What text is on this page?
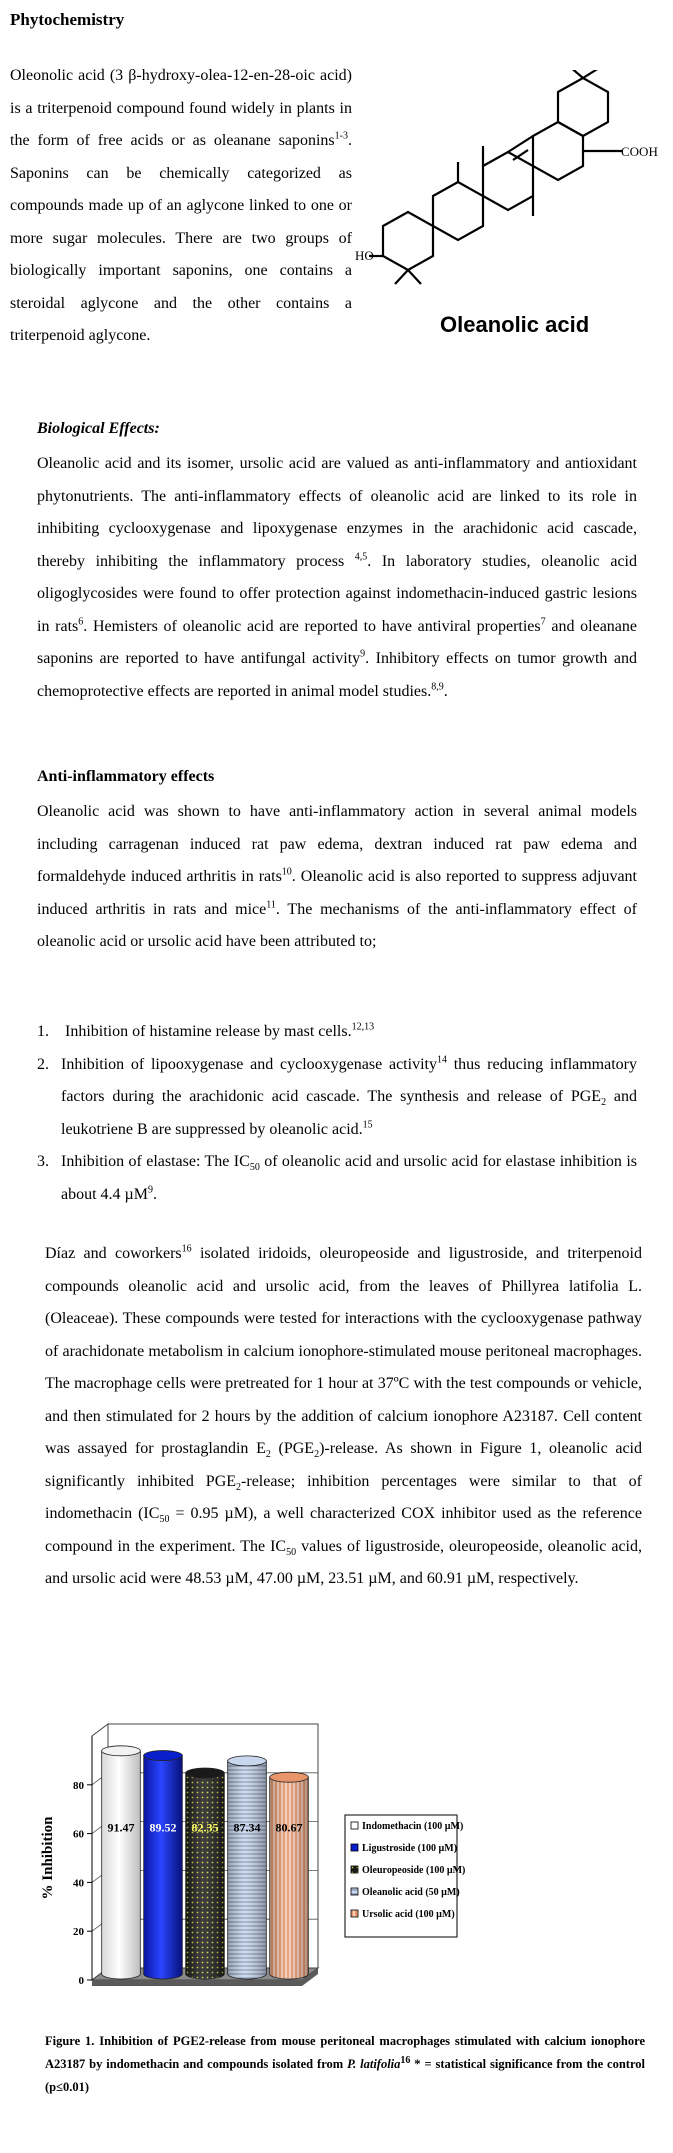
Phytochemistry
Oleonolic acid (3 β-hydroxy-olea-12-en-28-oic acid) is a triterpenoid compound found widely in plants in the form of free acids or as oleanane saponins$^{1-3}$. Saponins can be chemically categorized as compounds made up of an aglycone linked to one or more sugar molecules. There are two groups of biologically important saponins, one contains a steroidal aglycone and the other contains a triterpenoid aglycone.
HO
COOH
Oleanolic acid
Biological Effects:
Oleanolic acid and its isomer, ursolic acid are valued as anti-inflammatory and antioxidant phytonutrients. The anti-inflammatory effects of oleanolic acid are linked to its role in inhibiting cyclooxygenase and lipoxygenase enzymes in the arachidonic acid cascade, thereby inhibiting the inflammatory process $^{4,5}$. In laboratory studies, oleanolic acid oligoglycosides were found to offer protection against indomethacin-induced gastric lesions in rats$^6$. Hemisters of oleanolic acid are reported to have antiviral properties$^7$ and oleanane saponins are reported to have antifungal activity$^9$. Inhibitory effects on tumor growth and chemoprotective effects are reported in animal model studies.$^{8,9}$.
Anti-inflammatory effects
Oleanolic acid was shown to have anti-inflammatory action in several animal models including carragenan induced rat paw edema, dextran induced rat paw edema and formaldehyde induced arthritis in rats$^{10}$. Oleanolic acid is also reported to suppress adjuvant induced arthritis in rats and mice$^{11}$. The mechanisms of the anti-inflammatory effect of oleanolic acid or ursolic acid have been attributed to;
1. Inhibition of histamine release by mast cells.$^{12,13}$
2. Inhibition of lipooxygenase and cyclooxygenase activity$^{14}$ thus reducing inflammatory factors during the arachidonic acid cascade. The synthesis and release of $PGE_2$ and leukotriene B are suppressed by oleanolic acid.$^{15}$
3. Inhibition of elastase: The $IC_{50}$ of oleanolic acid and ursolic acid for elastase inhibition is about 4.4 µM$^9$.
Díaz and coworkers$^{16}$ isolated iridoids, oleuropeoside and ligustroside, and triterpenoid compounds oleanolic acid and ursolic acid, from the leaves of Phillyrea latifolia L. (Oleaceae). These compounds were tested for interactions with the cyclooxygenase pathway of arachidonate metabolism in calcium ionophore-stimulated mouse peritoneal macrophages. The macrophage cells were pretreated for 1 hour at 37ºC with the test compounds or vehicle, and then stimulated for 2 hours by the addition of calcium ionophore A23187. Cell content was assayed for prostaglandin $E_2$ $(PGE_2)$-release. As shown in Figure 1, oleanolic acid significantly inhibited $PGE_2$-release; inhibition percentages were similar to that of indomethacin ($IC_{50} = 0.95$ µM), a well characterized COX inhibitor used as the reference compound in the experiment. The $IC_{50}$ values of ligustroside, oleuropeoside, oleanolic acid, and ursolic acid were 48.53 µM, 47.00 µM, 23.51 µM, and 60.91 µM, respectively.
0
20
40
60
80
% Inhibition	91.47 89.52 82.35 87.34 80.67	Indomethacin (100 µM)
Ligustroside (100 µM)
Oleuropeoside (100 µM)
Oleanolic acid (50 µM)
Ursolic acid (100 µM)
Figure 1. Inhibition of PGE2-release from mouse peritoneal macrophages stimulated with calcium ionophore A23187 by indomethacin and compounds isolated from P. latifolia$^{16}$ * = statistical significance from the control (p≤0.01)
